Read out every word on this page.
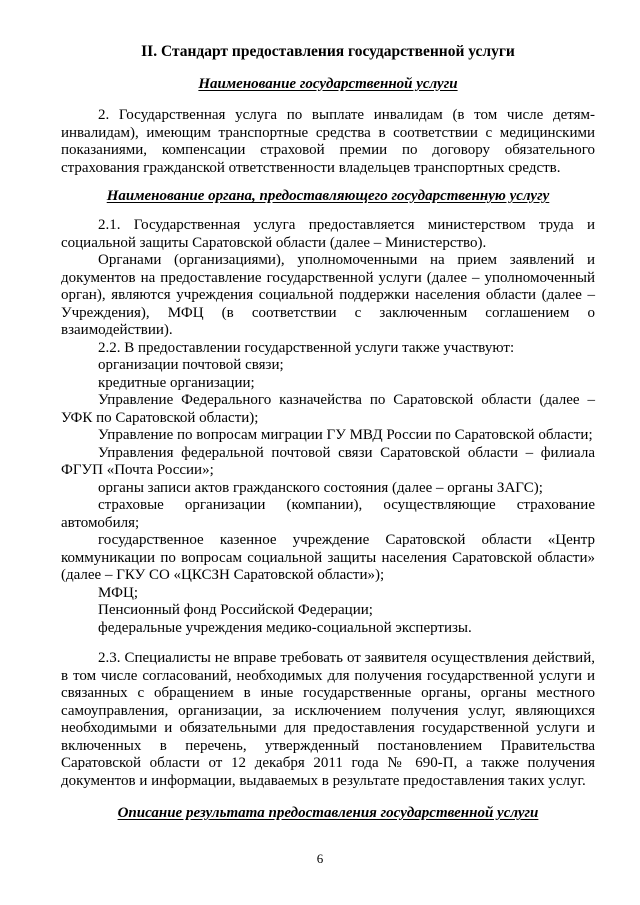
II. Стандарт предоставления государственной услуги
Наименование государственной услуги

2. Государственная услуга по выплате инвалидам (в том числе детям-инвалидам), имеющим транспортные средства в соответствии с медицинскими показаниями, компенсации страховой премии по договору обязательного страхования гражданской ответственности владельцев транспортных средств.

Наименование органа, предоставляющего государственную услугу

2.1. Государственная услуга предоставляется министерством труда и социальной защиты Саратовской области (далее – Министерство).

Органами (организациями), уполномоченными на прием заявлений и документов на предоставление государственной услуги (далее – уполномоченный орган), являются учреждения социальной поддержки населения области (далее – Учреждения), МФЦ (в соответствии с заключенным соглашением о взаимодействии).

2.2. В предоставлении государственной услуги также участвуют:

организации почтовой связи;

кредитные организации;

Управление Федерального казначейства по Саратовской области (далее – УФК по Саратовской области);

Управление по вопросам миграции ГУ МВД России по Саратовской области;

Управления федеральной почтовой связи Саратовской области – филиала ФГУП «Почта России»;

органы записи актов гражданского состояния (далее – органы ЗАГС);

страховые организации (компании), осуществляющие страхование автомобиля;

государственное казенное учреждение Саратовской области «Центр коммуникации по вопросам социальной защиты населения Саратовской области» (далее – ГКУ СО «ЦКСЗН Саратовской области»);

МФЦ;

Пенсионный фонд Российской Федерации;

федеральные учреждения медико-социальной экспертизы.

2.3. Специалисты не вправе требовать от заявителя осуществления действий, в том числе согласований, необходимых для получения государственной услуги и связанных с обращением в иные государственные органы, органы местного самоуправления, организации, за исключением получения услуг, являющихся необходимыми и обязательными для предоставления государственной услуги и включенных в перечень, утвержденный постановлением Правительства Саратовской области от 12 декабря 2011 года № 690-П, а также получения документов и информации, выдаваемых в результате предоставления таких услуг.

Описание результата предоставления государственной услуги
6
